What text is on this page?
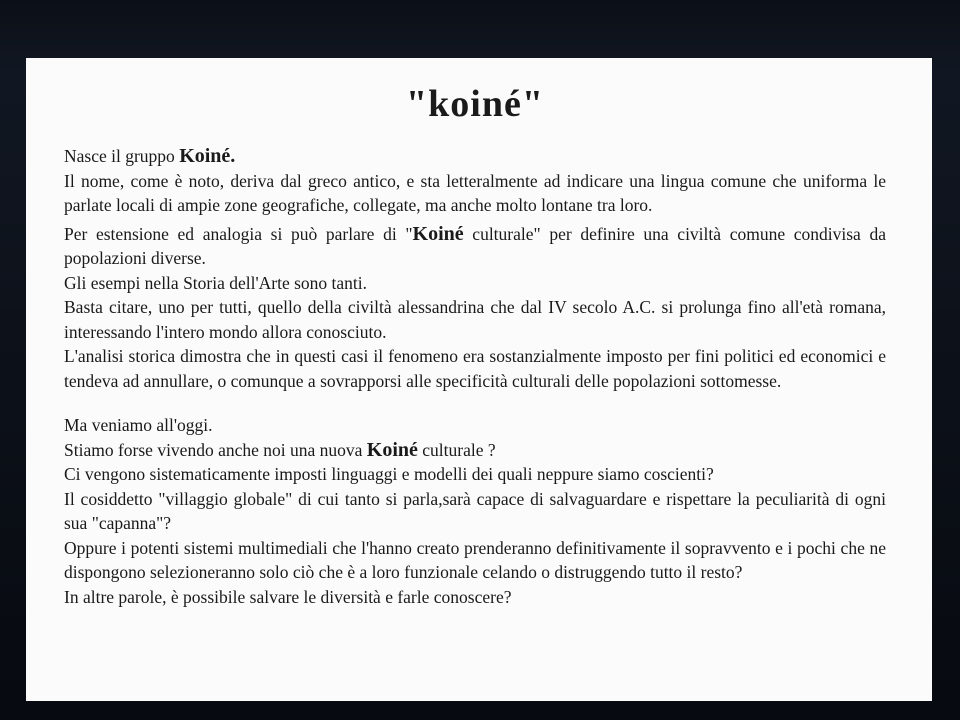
"koiné"

Nasce il gruppo Koiné.

Il nome, come è noto, deriva dal greco antico, e sta letteralmente ad indicare una lingua comune che uniforma le parlate locali di ampie zone geografiche, collegate, ma anche molto lontane tra loro.

Per estensione ed analogia si può parlare di "Koiné culturale" per definire una civiltà comune condivisa da popolazioni diverse.

Gli esempi nella Storia dell'Arte sono tanti.

Basta citare, uno per tutti, quello della civiltà alessandrina che dal IV secolo A.C. si prolunga fino all'età romana, interessando l'intero mondo allora conosciuto.

L'analisi storica dimostra che in questi casi il fenomeno era sostanzialmente imposto per fini politici ed economici e tendeva ad annullare, o comunque a sovrapporsi alle specificità culturali delle popolazioni sottomesse.

Ma veniamo all'oggi.

Stiamo forse vivendo anche noi una nuova Koiné culturale ?

Ci vengono sistematicamente imposti linguaggi e modelli dei quali neppure siamo coscienti?

Il cosiddetto "villaggio globale" di cui tanto si parla,sarà capace di salvaguardare e rispettare la peculiarità di ogni sua "capanna"?

Oppure i potenti sistemi multimediali che l'hanno creato prenderanno definitivamente il sopravvento e i pochi che ne dispongono selezioneranno solo ciò che è a loro funzionale celando o distruggendo tutto il resto?

In altre parole, è possibile salvare le diversità e farle conoscere?
